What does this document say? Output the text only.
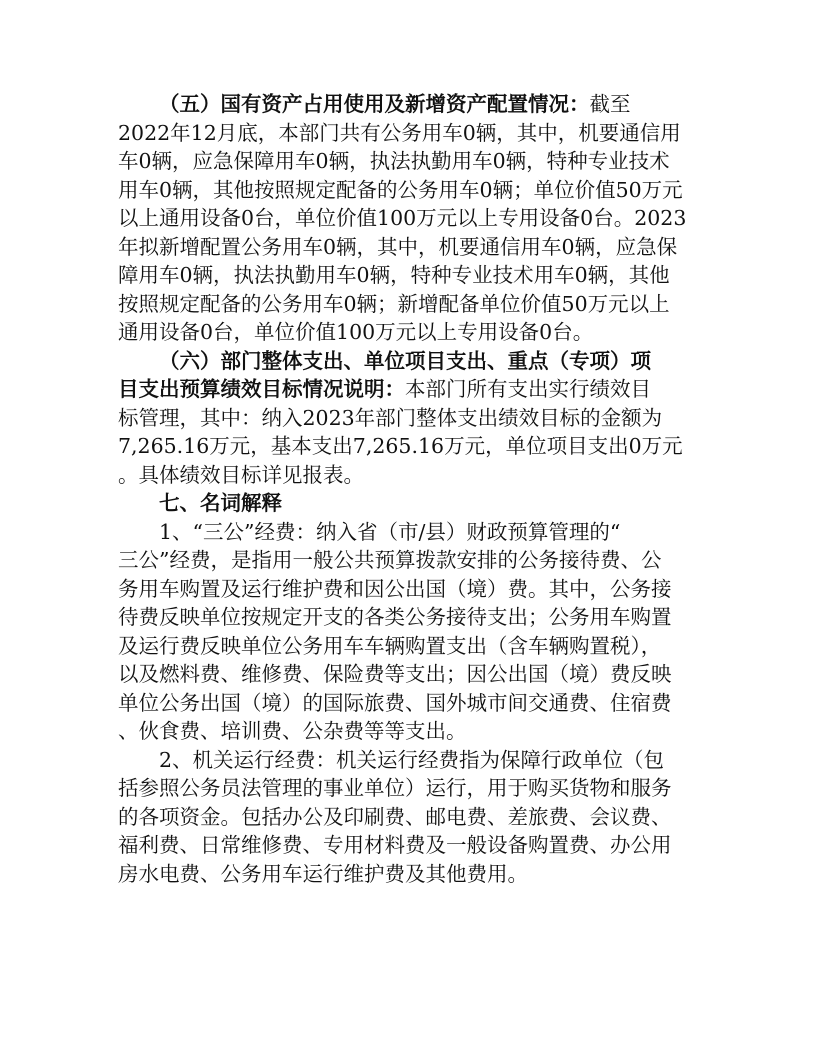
（五）国有资产占用使用及新增资产配置情况：截至
2022年12月底，本部门共有公务用车0辆，其中，机要通信用
车0辆，应急保障用车0辆，执法执勤用车0辆，特种专业技术
用车0辆，其他按照规定配备的公务用车0辆；单位价值50万元
以上通用设备0台，单位价值100万元以上专用设备0台。2023
年拟新增配置公务用车0辆，其中，机要通信用车0辆，应急保
障用车0辆，执法执勤用车0辆，特种专业技术用车0辆，其他
按照规定配备的公务用车0辆；新增配备单位价值50万元以上
通用设备0台，单位价值100万元以上专用设备0台。
（六）部门整体支出、单位项目支出、重点（专项）项
目支出预算绩效目标情况说明：本部门所有支出实行绩效目
标管理，其中：纳入2023年部门整体支出绩效目标的金额为
7,265.16万元，基本支出7,265.16万元，单位项目支出0万元
。具体绩效目标详见报表。
七、名词解释
1、“三公”经费：纳入省（市/县）财政预算管理的“
三公”经费，是指用一般公共预算拨款安排的公务接待费、公
务用车购置及运行维护费和因公出国（境）费。其中，公务接
待费反映单位按规定开支的各类公务接待支出；公务用车购置
及运行费反映单位公务用车车辆购置支出（含车辆购置税），
以及燃料费、维修费、保险费等支出；因公出国（境）费反映
单位公务出国（境）的国际旅费、国外城市间交通费、住宿费
、伙食费、培训费、公杂费等等支出。
2、机关运行经费：机关运行经费指为保障行政单位（包
括参照公务员法管理的事业单位）运行，用于购买货物和服务
的各项资金。包括办公及印刷费、邮电费、差旅费、会议费、
福利费、日常维修费、专用材料费及一般设备购置费、办公用
房水电费、公务用车运行维护费及其他费用。
